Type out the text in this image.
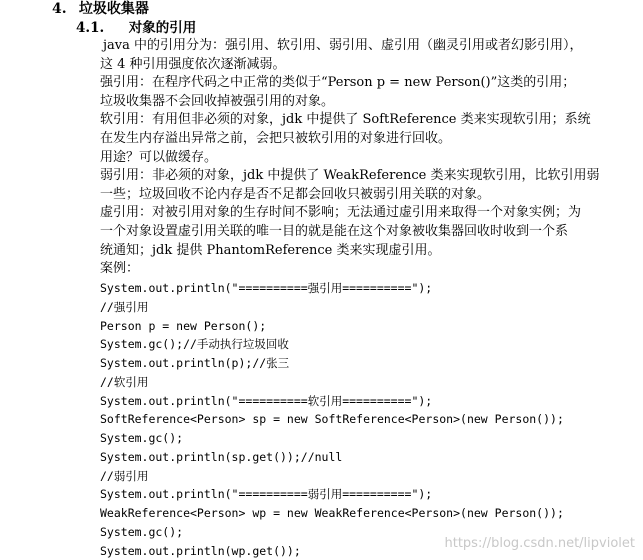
4. 垃圾收集器
4.1. 对象的引用
java 中的引用分为：强引用、软引用、弱引用、虚引用（幽灵引用或者幻影引用），
这 4 种引用强度依次逐渐减弱。
强引用：在程序代码之中正常的类似于“Person p = new Person()”这类的引用；
垃圾收集器不会回收掉被强引用的对象。
软引用：有用但非必须的对象，jdk 中提供了 SoftReference 类来实现软引用；系统
在发生内存溢出异常之前，会把只被软引用的对象进行回收。
用途？可以做缓存。
弱引用：非必须的对象，jdk 中提供了 WeakReference 类来实现软引用，比软引用弱
一些；垃圾回收不论内存是否不足都会回收只被弱引用关联的对象。
虚引用：对被引用对象的生存时间不影响；无法通过虚引用来取得一个对象实例；为
一个对象设置虚引用关联的唯一目的就是能在这个对象被收集器回收时收到一个系
统通知；jdk 提供 PhantomReference 类来实现虚引用。
案例：
System.out.println("==========强引用==========");
//强引用
Person p = new Person();
System.gc();//手动执行垃圾回收
System.out.println(p);//张三
//软引用
System.out.println("==========软引用==========");
SoftReference<Person> sp = new SoftReference<Person>(new Person());
System.gc();
System.out.println(sp.get());//null
//弱引用
System.out.println("==========弱引用==========");
WeakReference<Person> wp = new WeakReference<Person>(new Person());
System.gc();
System.out.println(wp.get());	https://blog.csdn.net/lipviolet
